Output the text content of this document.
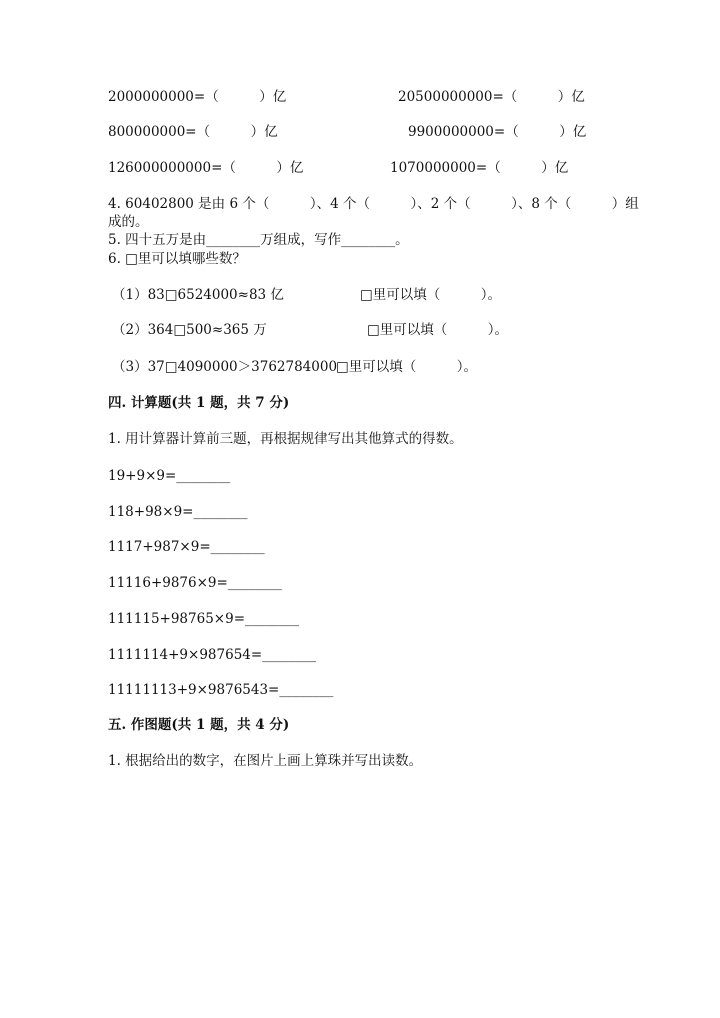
2000000000=（　　　）亿	20500000000=（　　　）亿
800000000=（　　　）亿	9900000000=（　　　）亿
126000000000=（　　　）亿	1070000000=（　　　）亿
4. 60402800 是由 6 个（　　　）、4 个（　　　）、2 个（　　　）、8 个（　　　）组
成的。
5. 四十五万是由________万组成，写作________。
6. □里可以填哪些数？
（1）83□6524000≈83 亿	□里可以填（　　　）。
（2）364□500≈365 万	□里可以填（　　　）。
（3）37□4090000＞3762784000
□里可以填（　　　）。
四. 计算题(共 1 题，共 7 分)
1. 用计算器计算前三题，再根据规律写出其他算式的得数。
19+9×9=________
118+98×9=________
1117+987×9=________
11116+9876×9=________
111115+98765×9=________
1111114+9×987654=________
11111113+9×9876543=________
五. 作图题(共 1 题，共 4 分)
1. 根据给出的数字，在图片上画上算珠并写出读数。
